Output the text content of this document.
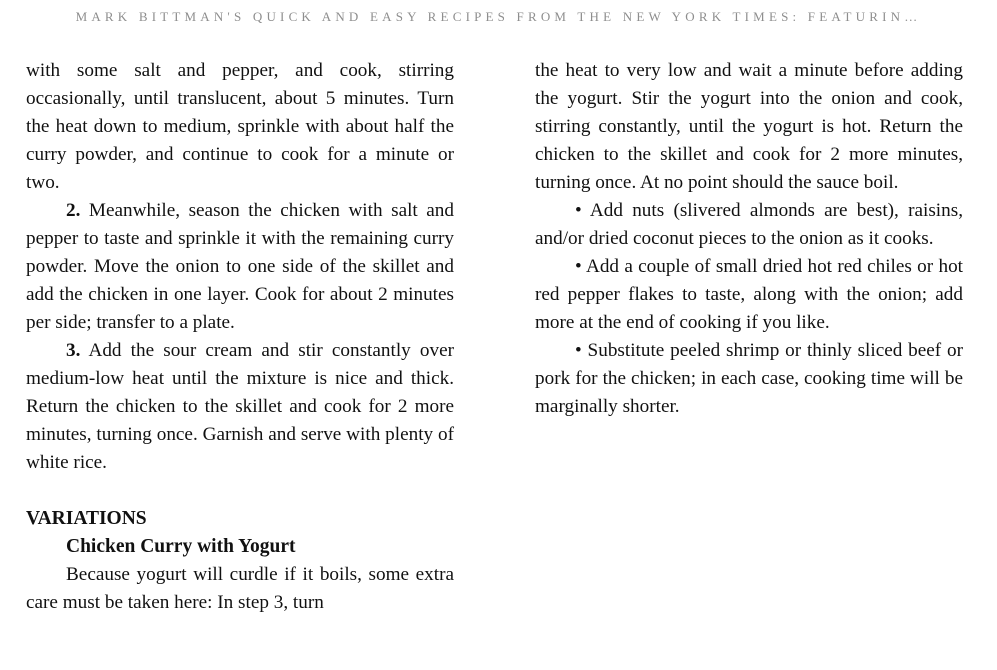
MARK BITTMAN'S QUICK AND EASY RECIPES FROM THE NEW YORK TIMES: FEATURIN…

with some salt and pepper, and cook, stirring occasionally, until translucent, about 5 minutes. Turn the heat down to medium, sprinkle with about half the curry powder, and continue to cook for a minute or two.

2. Meanwhile, season the chicken with salt and pepper to taste and sprinkle it with the remaining curry powder. Move the onion to one side of the skillet and add the chicken in one layer. Cook for about 2 minutes per side; transfer to a plate.

3. Add the sour cream and stir constantly over medium-low heat until the mixture is nice and thick. Return the chicken to the skillet and cook for 2 more minutes, turning once. Garnish and serve with plenty of white rice.

VARIATIONS
Chicken Curry with Yogurt

Because yogurt will curdle if it boils, some extra care must be taken here: In step 3, turn

the heat to very low and wait a minute before adding the yogurt. Stir the yogurt into the onion and cook, stirring constantly, until the yogurt is hot. Return the chicken to the skillet and cook for 2 more minutes, turning once. At no point should the sauce boil.

• Add nuts (slivered almonds are best), raisins, and/or dried coconut pieces to the onion as it cooks.

• Add a couple of small dried hot red chiles or hot red pepper flakes to taste, along with the onion; add more at the end of cooking if you like.

• Substitute peeled shrimp or thinly sliced beef or pork for the chicken; in each case, cooking time will be marginally shorter.
